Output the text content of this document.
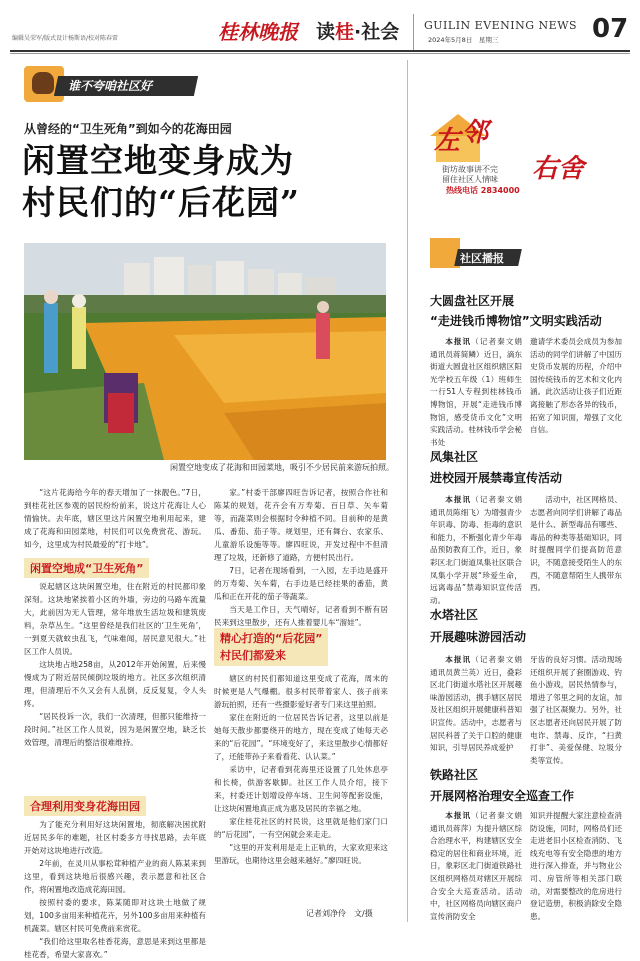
编辑吴荣军/版式设计杨斯语/校对陈春雷	桂林晚报 读桂·社会 GUILIN EVENING NEWS
2024年5月8日　星期三	07
谁不夸咱社区好
从曾经的“卫生死角”到如今的花海田园
闲置空地变身成为
村民们的“后花园”
闲置空地变成了花海和田园菜地，吸引不少居民前来游玩拍照。

“这片花海给今年的春天增加了一抹靓色。”7日，到桂花社区参观的居民纷纷前来，说这片花海让人心情愉快。去年底，辖区里这片闲置空地利用起来，建成了花海和田园菜地，村民们可以免费赏花、游玩。如今，这里成为村民最爱的“打卡地”。

闲置空地成“卫生死角”

说起辖区这块闲置空地，住在附近的村民都印象深刻。这块地紧挨着小区的外墙，旁边的马路车流量大，此前因为无人管理，常年堆放生活垃圾和建筑废料，杂草丛生。“这里曾经是我们社区的‘卫生死角’，一到夏天就蚊虫乱飞，气味难闻，居民意见很大。”社区工作人员说。

这块地占地258亩，从2012年开始闲置，后来慢慢成为了附近居民倾倒垃圾的地方。社区多次组织清理，但清理后不久又会有人乱倒，反反复复，令人头疼。

“居民投诉一次，我们一次清理，但都只能维持一段时间。”社区工作人员说，因为是闲置空地，缺乏长效管理，清理后的整洁很难维持。

合理利用变身花海田园

为了能充分利用好这块闲置地，彻底解决困扰附近居民多年的难题，社区村委多方寻找思路，去年底开始对这块地进行改造。

2年前，在灵川从事松茸种植产业的商人陈某来到这里，看到这块地后很感兴趣，表示愿意和社区合作，将闲置地改造成花海田园。

按照村委的要求，陈某随即对这块土地做了规划，100多亩用来种植花卉，另外100多亩用来种植有机蔬菜。辖区村民可免费前来赏花。

“我们给这里取名桂香花海，意思是来到这里都是桂花香，希望大家喜欢。”

家。”村委干部廖四旺告诉记者，按照合作社和陈某的规划，花卉会有万寿菊、百日草、矢车菊等，而蔬菜则会根据时令种植不同。目前种的是黄瓜、番茄、茄子等。规划里，还有舞台、农家乐、儿童游乐设施等等。廖四旺说，开发过程中不但清理了垃圾，还新修了道路，方便村民出行。

7日，记者在现场看到，一入园，左手边是盛开的万寿菊、矢车菊，右手边是已经挂果的番茄，黄瓜和正在开花的茄子等蔬菜。

当天是工作日，天气晴好，记者看到不断有居民来到这里散步，还有人推着婴儿车“溜娃”。

精心打造的“后花园”
村民们都爱来

辖区的村民们都知道这里变成了花海，周末的时候更是人气爆棚。很多村民带着家人、孩子前来游玩拍照，还有一些摄影爱好者专门来这里拍照。

家住在附近的一位居民告诉记者，这里以前是她每天散步都要绕开的地方，现在变成了她每天必来的“后花园”。“环境变好了，来这里散步心情都好了，还能带孙子来看看花、认认菜。”

采访中，记者看到花海里还设置了几处休息亭和长椅，供游客歇脚。社区工作人员介绍，接下来，村委还计划增设停车场、卫生间等配套设施，让这块闲置地真正成为惠及居民的幸福之地。

家住桂花社区的村民说，这里就是他们家门口的“后花园”，一有空闲就会来走走。

“这里的开发利用是走上正轨的，大家欢迎来这里游玩，也期待这里会越来越好。”廖四旺说。

记者刘净伶　文/摄
左 邻
右舍
街坊故事讲不完
留住社区人情味
热线电话 2834000
社区播报
大圆盘社区开展
“走进钱币博物馆”文明实践活动

本报讯（记者秦文娟 通讯员蒋简鳞）近日，滴东街道大圆盘社区组织辖区阳光学校五年级（1）班师生一行51人专程到桂林钱币博物馆，开展“走进钱币博物馆，感受货币文化”文明实践活动。桂林钱币学会秘书处

邀请学术委员会成员为参加活动的同学们讲解了中国历史货币发展的历程，介绍中国传统钱币的艺术和文化内涵。此次活动让孩子们近距离接触了形态各异的钱币，拓宽了知识面，增强了文化自信。

凤集社区
进校园开展禁毒宣传活动

本报讯（记者秦文娟 通讯员陈细飞）为增强青少年识毒、防毒、拒毒的意识和能力，不断强化青少年毒品预防教育工作，近日，象彩区北门街道凤集社区联合凤集小学开展“珍爱生命，远离毒品”禁毒知识宣传活动。

活动中，社区网格员、志愿者向同学们讲解了毒品是什么、新型毒品有哪些、毒品的种类等基础知识，同时提醒同学们提高防范意识，不随意接受陌生人的东西，不随意帮陌生人携带东西。

水塔社区
开展趣味游园活动

本报讯（记者秦文娟 通讯员黄兰英）近日，叠彩区北门街道水塔社区开展趣味游园活动，携手辖区居民及社区组织开展健康科普知识宣传。活动中，志愿者与居民科普了关于口腔的健康知识，引导居民养成爱护

牙齿的良好习惯。活动现场还组织开展了套圈游戏、钓鱼小游戏，居民热情参与，增进了邻里之间的友谊，加强了社区凝聚力。另外，社区志愿者还向居民开展了防电诈、禁毒、反诈，“扫黄打非”、美爱保健、垃圾分类等宣传。

铁路社区
开展网格治理安全巡查工作

本报讯（记者秦文娟 通讯员蒋萍）为提升辖区综合治理水平，构建辖区安全稳定的居住和商业环境，近日，象彩区北门街道铁路社区组织网格员对辖区开展综合安全大巡查活动。活动中，社区网格员向辖区商户宣传消防安全

知识并提醒大家注意检查消防设施，同时，网格员们还走进老旧小区检查消防、飞线充电等有安全隐患的地方进行深入排查，并与物业公司、房管所等相关部门联动，对需要整改的危房进行登记造册，积极消除安全隐患。
